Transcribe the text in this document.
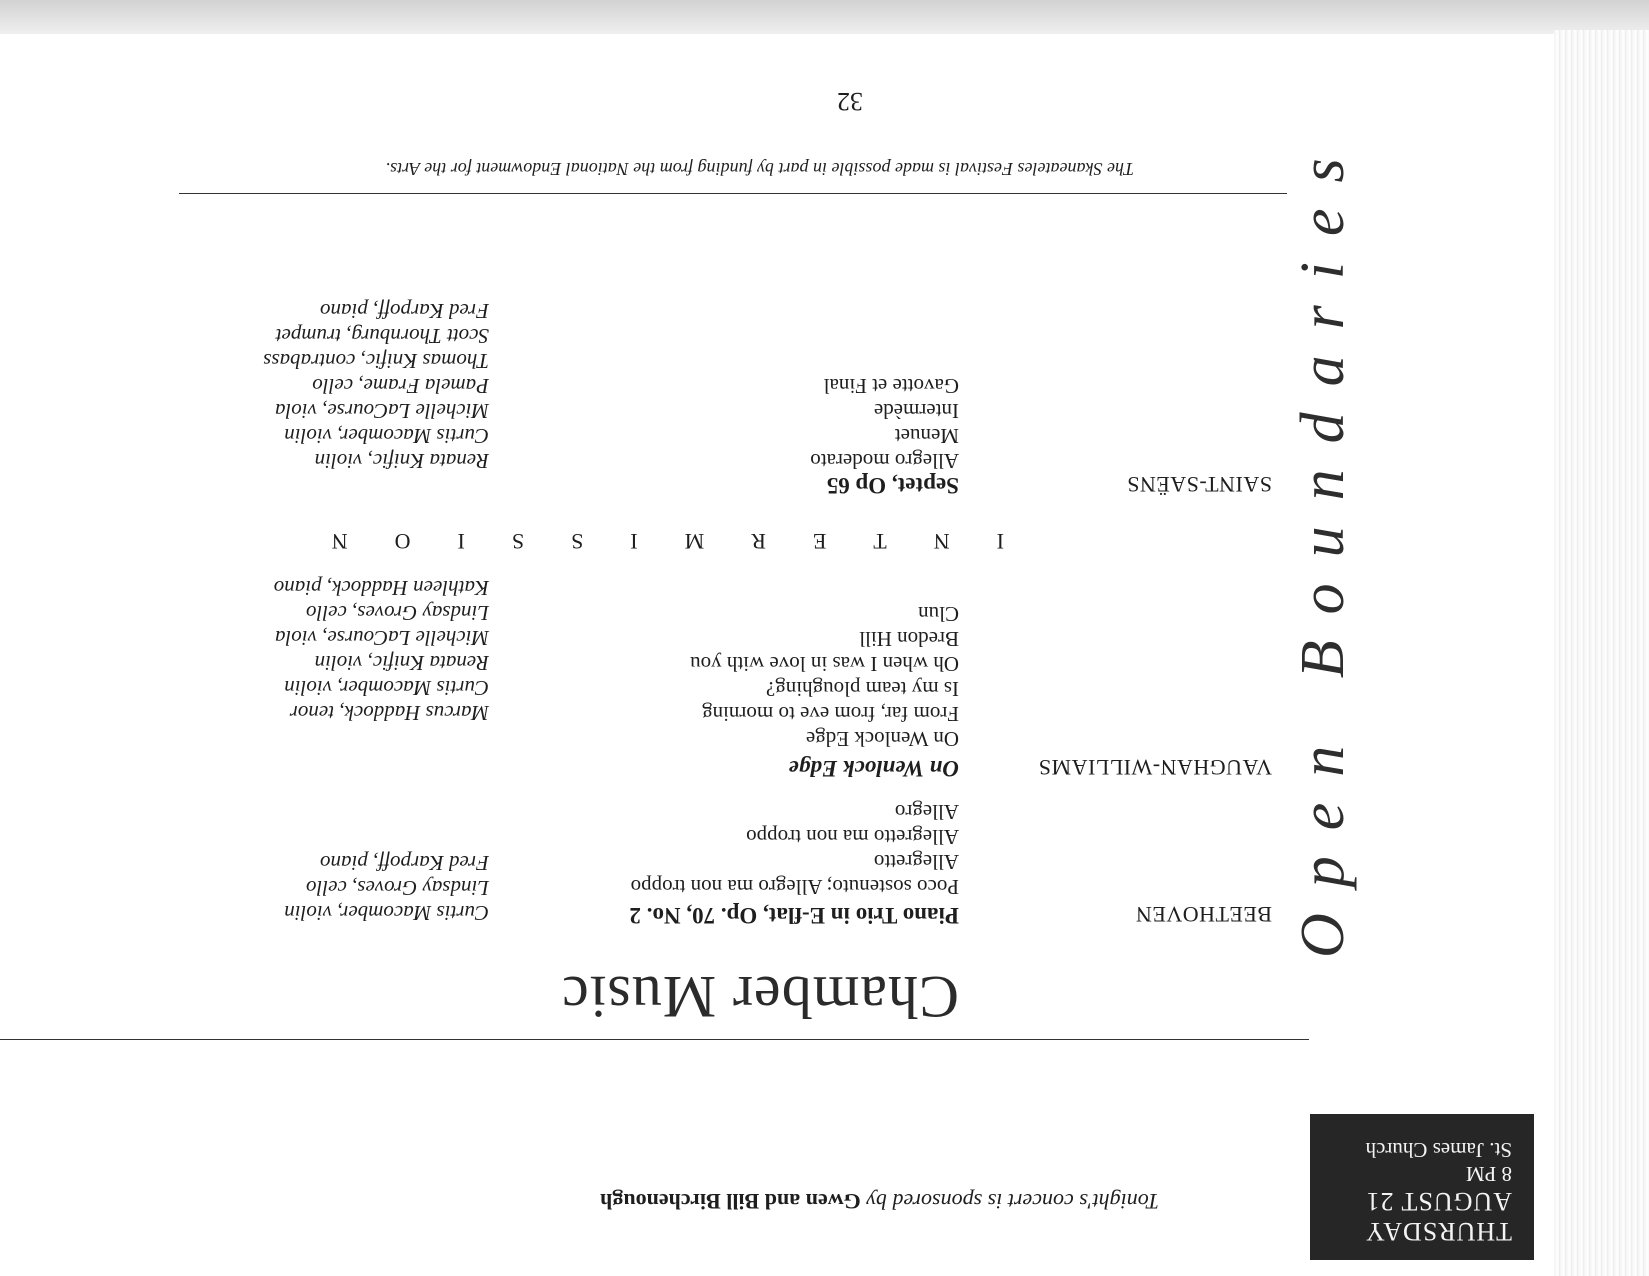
THURSDAY
AUGUST 21
8 PM
St. James Church
Tonight's concert is sponsored by Gwen and Bill Birchenough
Chamber Music
BEETHOVEN
Piano Trio in E-flat, Op. 70, No. 2
Poco sostenuto; Allegro ma non troppo
Allegretto
Allegretto ma non troppo
Allegro
Curtis Macomber, violin
Lindsay Groves, cello
Fred Karpoff, piano
VAUGHAN-WILLIAMS
On Wenlock Edge
On Wenlock Edge
From far, from eve to morning
Is my team ploughing?
Oh when I was in love with you
Bredon Hill
Clun
Marcus Haddock, tenor
Curtis Macomber, violin
Renata Knific, violin
Michelle LaCourse, viola
Lindsay Groves, cello
Kathleen Haddock, piano
INTERMISSION
SAINT-SAËNS
Septet, Op 65
Allegro moderato
Menuet
Intermède
Gavotte et Final
Renata Knific, violin
Curtis Macomber, violin
Michelle LaCourse, viola
Pamela Frame, cello
Thomas Knific, contrabass
Scott Thornburg, trumpet
Fred Karpoff, piano
The Skaneateles Festival is made possible in part by funding from the National Endowment for the Arts.
32
Open Boundaries
